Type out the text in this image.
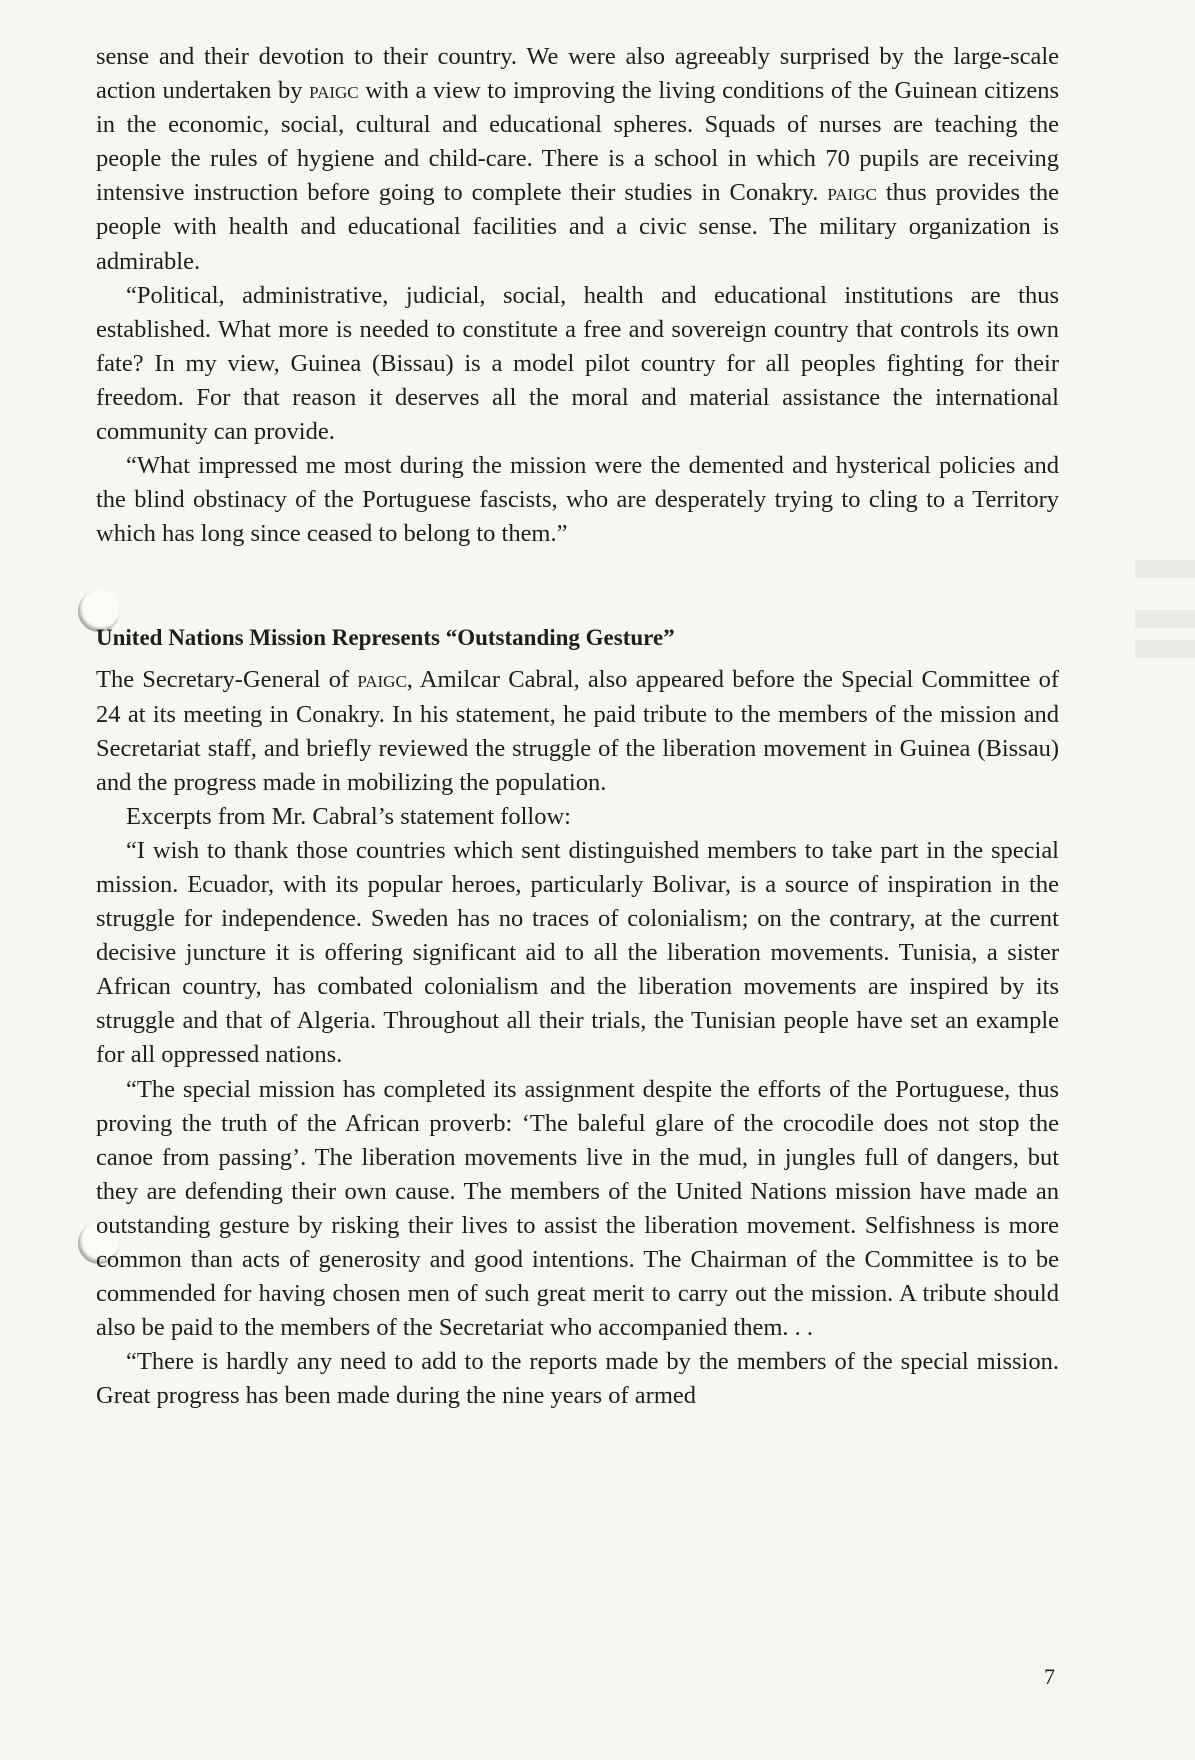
sense and their devotion to their country. We were also agreeably surprised by the large-scale action undertaken by paigc with a view to improving the living conditions of the Guinean citizens in the economic, social, cultural and educational spheres. Squads of nurses are teaching the people the rules of hygiene and child-care. There is a school in which 70 pupils are receiving intensive instruction before going to complete their studies in Conakry. paigc thus provides the people with health and educational facilities and a civic sense. The military organization is admirable.

“Political, administrative, judicial, social, health and educational institutions are thus established. What more is needed to constitute a free and sovereign country that controls its own fate? In my view, Guinea (Bissau) is a model pilot country for all peoples fighting for their freedom. For that reason it deserves all the moral and material assistance the international community can provide.

“What impressed me most during the mission were the demented and hysterical policies and the blind obstinacy of the Portuguese fascists, who are desperately trying to cling to a Territory which has long since ceased to belong to them.”

United Nations Mission Represents “Outstanding Gesture”

The Secretary-General of paigc, Amilcar Cabral, also appeared before the Special Committee of 24 at its meeting in Conakry. In his statement, he paid tribute to the members of the mission and Secretariat staff, and briefly reviewed the struggle of the liberation movement in Guinea (Bissau) and the progress made in mobilizing the population.

Excerpts from Mr. Cabral’s statement follow:

“I wish to thank those countries which sent distinguished members to take part in the special mission. Ecuador, with its popular heroes, particularly Bolivar, is a source of inspiration in the struggle for independence. Sweden has no traces of colonialism; on the contrary, at the current decisive juncture it is offering significant aid to all the liberation movements. Tunisia, a sister African country, has combated colonialism and the liberation movements are inspired by its struggle and that of Algeria. Throughout all their trials, the Tunisian people have set an example for all oppressed nations.

“The special mission has completed its assignment despite the efforts of the Portuguese, thus proving the truth of the African proverb: ‘The baleful glare of the crocodile does not stop the canoe from passing’. The liberation movements live in the mud, in jungles full of dangers, but they are defending their own cause. The members of the United Nations mission have made an outstanding gesture by risking their lives to assist the liberation movement. Selfishness is more common than acts of generosity and good intentions. The Chairman of the Committee is to be commended for having chosen men of such great merit to carry out the mission. A tribute should also be paid to the members of the Secretariat who accompanied them. . .

“There is hardly any need to add to the reports made by the members of the special mission. Great progress has been made during the nine years of armed

7
